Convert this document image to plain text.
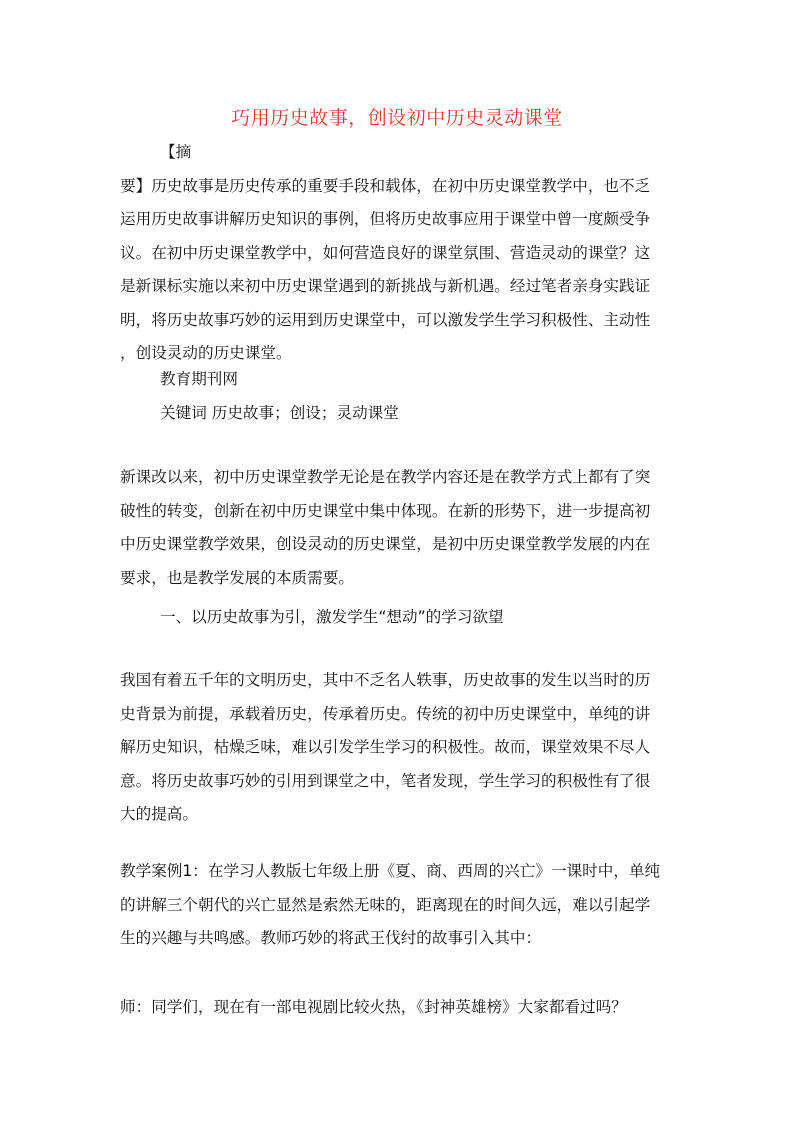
巧用历史故事，创设初中历史灵动课堂
【摘
要】历史故事是历史传承的重要手段和载体，在初中历史课堂教学中，也不乏
运用历史故事讲解历史知识的事例，但将历史故事应用于课堂中曾一度颇受争
议。在初中历史课堂教学中，如何营造良好的课堂氛围、营造灵动的课堂？这
是新课标实施以来初中历史课堂遇到的新挑战与新机遇。经过笔者亲身实践证
明，将历史故事巧妙的运用到历史课堂中，可以激发学生学习积极性、主动性
，创设灵动的历史课堂。
教育期刊网
关键词 历史故事；创设；灵动课堂
新课改以来，初中历史课堂教学无论是在教学内容还是在教学方式上都有了突
破性的转变，创新在初中历史课堂中集中体现。在新的形势下，进一步提高初
中历史课堂教学效果，创设灵动的历史课堂，是初中历史课堂教学发展的内在
要求，也是教学发展的本质需要。
一、以历史故事为引，激发学生“想动”的学习欲望
我国有着五千年的文明历史，其中不乏名人轶事，历史故事的发生以当时的历
史背景为前提，承载着历史，传承着历史。传统的初中历史课堂中，单纯的讲
解历史知识，枯燥乏味，难以引发学生学习的积极性。故而，课堂效果不尽人
意。将历史故事巧妙的引用到课堂之中，笔者发现，学生学习的积极性有了很
大的提高。
教学案例1：在学习人教版七年级上册《夏、商、西周的兴亡》一课时中，单纯
的讲解三个朝代的兴亡显然是索然无味的，距离现在的时间久远，难以引起学
生的兴趣与共鸣感。教师巧妙的将武王伐纣的故事引入其中：
师：同学们，现在有一部电视剧比较火热，《封神英雄榜》大家都看过吗？
